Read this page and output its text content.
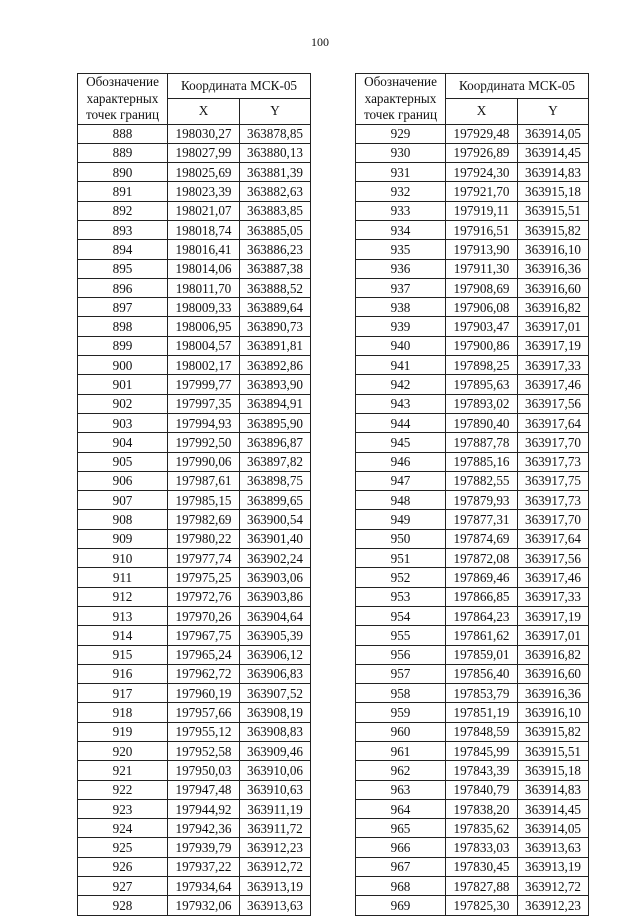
100
Обозначение характерных точек границ	Координата МСК-05	
	X	Y
888	198030,27	363878,85
889	198027,99	363880,13
890	198025,69	363881,39
891	198023,39	363882,63
892	198021,07	363883,85
893	198018,74	363885,05
894	198016,41	363886,23
895	198014,06	363887,38
896	198011,70	363888,52
897	198009,33	363889,64
898	198006,95	363890,73
899	198004,57	363891,81
900	198002,17	363892,86
901	197999,77	363893,90
902	197997,35	363894,91
903	197994,93	363895,90
904	197992,50	363896,87
905	197990,06	363897,82
906	197987,61	363898,75
907	197985,15	363899,65
908	197982,69	363900,54
909	197980,22	363901,40
910	197977,74	363902,24
911	197975,25	363903,06
912	197972,76	363903,86
913	197970,26	363904,64
914	197967,75	363905,39
915	197965,24	363906,12
916	197962,72	363906,83
917	197960,19	363907,52
918	197957,66	363908,19
919	197955,12	363908,83
920	197952,58	363909,46
921	197950,03	363910,06
922	197947,48	363910,63
923	197944,92	363911,19
924	197942,36	363911,72
925	197939,79	363912,23
926	197937,22	363912,72
927	197934,64	363913,19
928	197932,06	363913,63
Обозначение характерных точек границ	Координата МСК-05	
	X	Y
929	197929,48	363914,05
930	197926,89	363914,45
931	197924,30	363914,83
932	197921,70	363915,18
933	197919,11	363915,51
934	197916,51	363915,82
935	197913,90	363916,10
936	197911,30	363916,36
937	197908,69	363916,60
938	197906,08	363916,82
939	197903,47	363917,01
940	197900,86	363917,19
941	197898,25	363917,33
942	197895,63	363917,46
943	197893,02	363917,56
944	197890,40	363917,64
945	197887,78	363917,70
946	197885,16	363917,73
947	197882,55	363917,75
948	197879,93	363917,73
949	197877,31	363917,70
950	197874,69	363917,64
951	197872,08	363917,56
952	197869,46	363917,46
953	197866,85	363917,33
954	197864,23	363917,19
955	197861,62	363917,01
956	197859,01	363916,82
957	197856,40	363916,60
958	197853,79	363916,36
959	197851,19	363916,10
960	197848,59	363915,82
961	197845,99	363915,51
962	197843,39	363915,18
963	197840,79	363914,83
964	197838,20	363914,45
965	197835,62	363914,05
966	197833,03	363913,63
967	197830,45	363913,19
968	197827,88	363912,72
969	197825,30	363912,23
